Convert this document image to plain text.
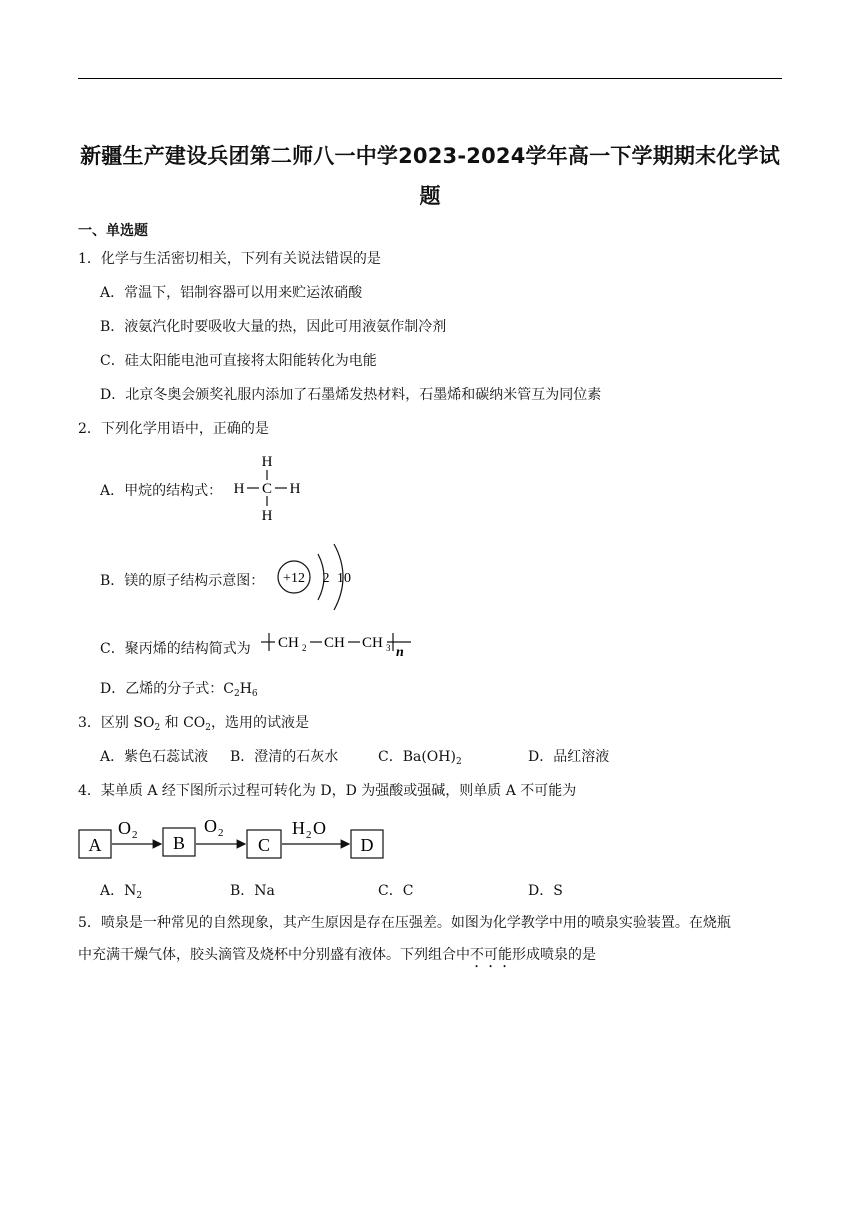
新疆生产建设兵团第二师八一中学2023-2024学年高一下学期期末化学试
题
一、单选题
1．化学与生活密切相关，下列有关说法错误的是
A．常温下，铝制容器可以用来贮运浓硝酸
B．液氨汽化时要吸收大量的热，因此可用液氨作制冷剂
C．硅太阳能电池可直接将太阳能转化为电能
D．北京冬奥会颁奖礼服内添加了石墨烯发热材料，石墨烯和碳纳米管互为同位素
2．下列化学用语中，正确的是
A．甲烷的结构式：
H
H C H
H
B．镁的原子结构示意图： +12 2 10
C．聚丙烯的结构简式为 CH 2 CH CH 3 n
D．乙烯的分子式：$C_2H_6$
3．区别 $SO_2$ 和 $CO_2$，选用的试液是
A．紫色石蕊试液 B．澄清的石灰水	C．$Ba(OH)_2$	D．品红溶液
4．某单质 A 经下图所示过程可转化为 D，D 为强酸或强碱，则单质 A 不可能为
A
O 2 B
O 2
C
H 2 O
D
A．$N_2$	B．Na	C．C	D．S
5．喷泉是一种常见的自然现象，其产生原因是存在压强差。如图为化学教学中用的喷泉实验装置。在烧瓶
中充满干燥气体，胶头滴管及烧杯中分别盛有液体。下列组合中不可能形成喷泉的是
